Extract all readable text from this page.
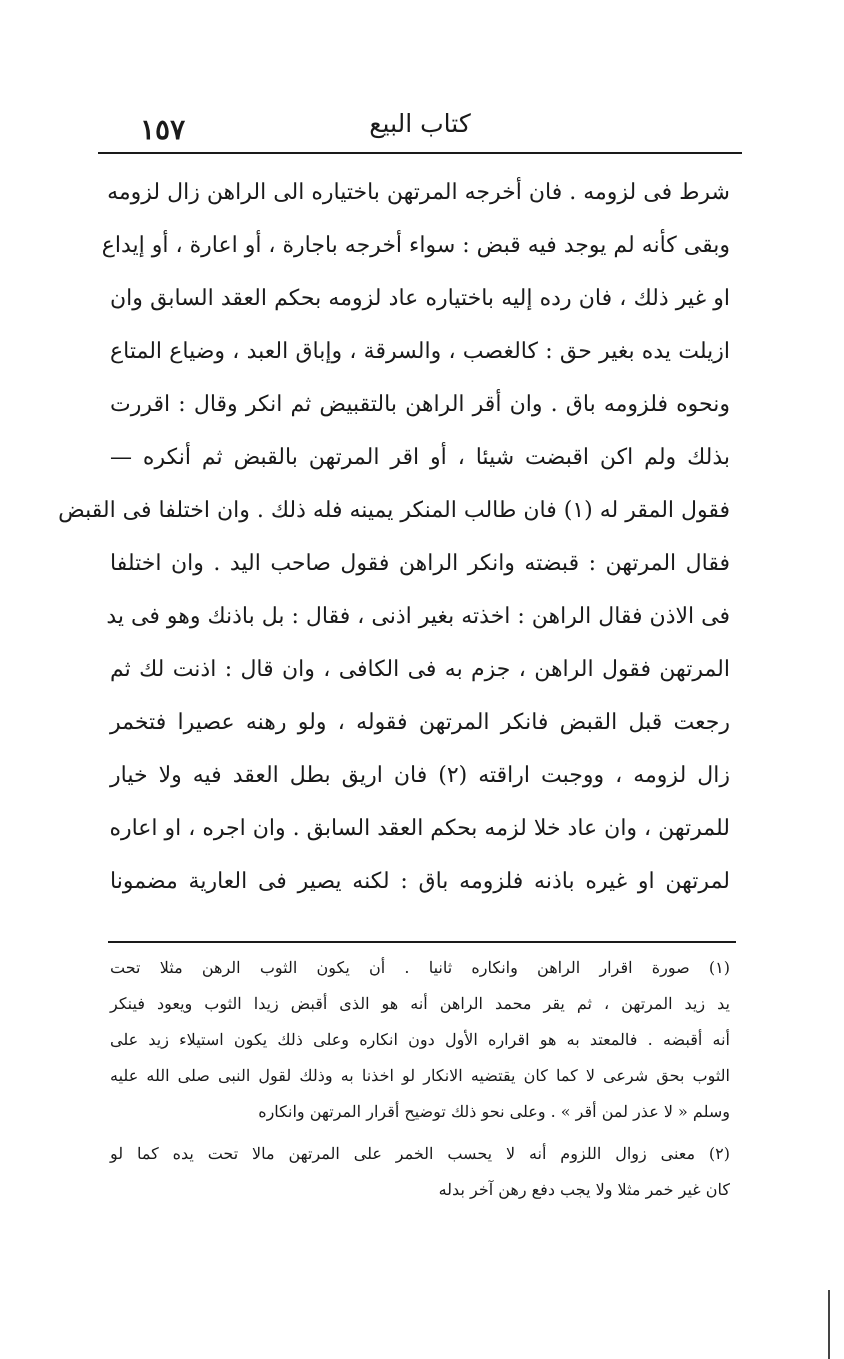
كتاب البيع
١٥٧
شرط فى لزومه . فان أخرجه المرتهن باختياره الى الراهن زال لزومه
وبقى كأنه لم يوجد فيه قبض : سواء أخرجه باجارة ، أو اعارة ، أو إيداع
او غير ذلك ، فان رده إليه باختياره عاد لزومه بحكم العقد السابق وان
ازيلت يده بغير حق : كالغصب ، والسرقة ، وإباق العبد ، وضياع المتاع
ونحوه فلزومه باق . وان أقر الراهن بالتقبيض ثم انكر وقال : اقررت
بذلك ولم اكن اقبضت شيئا ، أو اقر المرتهن بالقبض ثم أنكره —
فقول المقر له (١) فان طالب المنكر يمينه فله ذلك . وان اختلفا فى القبض
فقال المرتهن : قبضته وانكر الراهن فقول صاحب اليد . وان اختلفا
فى الاذن فقال الراهن : اخذته بغير اذنى ، فقال : بل باذنك وهو فى يد
المرتهن فقول الراهن ، جزم به فى الكافى ، وان قال : اذنت لك ثم
رجعت قبل القبض فانكر المرتهن فقوله ، ولو رهنه عصيرا فتخمر
زال لزومه ، ووجبت اراقته (٢) فان اريق بطل العقد فيه ولا خيار
للمرتهن ، وان عاد خلا لزمه بحكم العقد السابق . وان اجره ، او اعاره
لمرتهن او غيره باذنه فلزومه باق : لكنه يصير فى العارية مضمونا
(١) صورة اقرار الراهن وانكاره ثانيا . أن يكون الثوب الرهن مثلا تحت
يد زيد المرتهن ، ثم يقر محمد الراهن أنه هو الذى أقبض زيدا الثوب ويعود فينكر
أنه أقبضه . فالمعتد به هو اقراره الأول دون انكاره وعلى ذلك يكون استيلاء زيد على
الثوب بحق شرعى لا كما كان يقتضيه الانكار لو اخذنا به وذلك لقول النبى صلى الله عليه
وسلم « لا عذر لمن أقر » . وعلى نحو ذلك توضيح أقرار المرتهن وانكاره
(٢) معنى زوال اللزوم أنه لا يحسب الخمر على المرتهن مالا تحت يده كما لو
كان غير خمر مثلا ولا يجب دفع رهن آخر بدله
